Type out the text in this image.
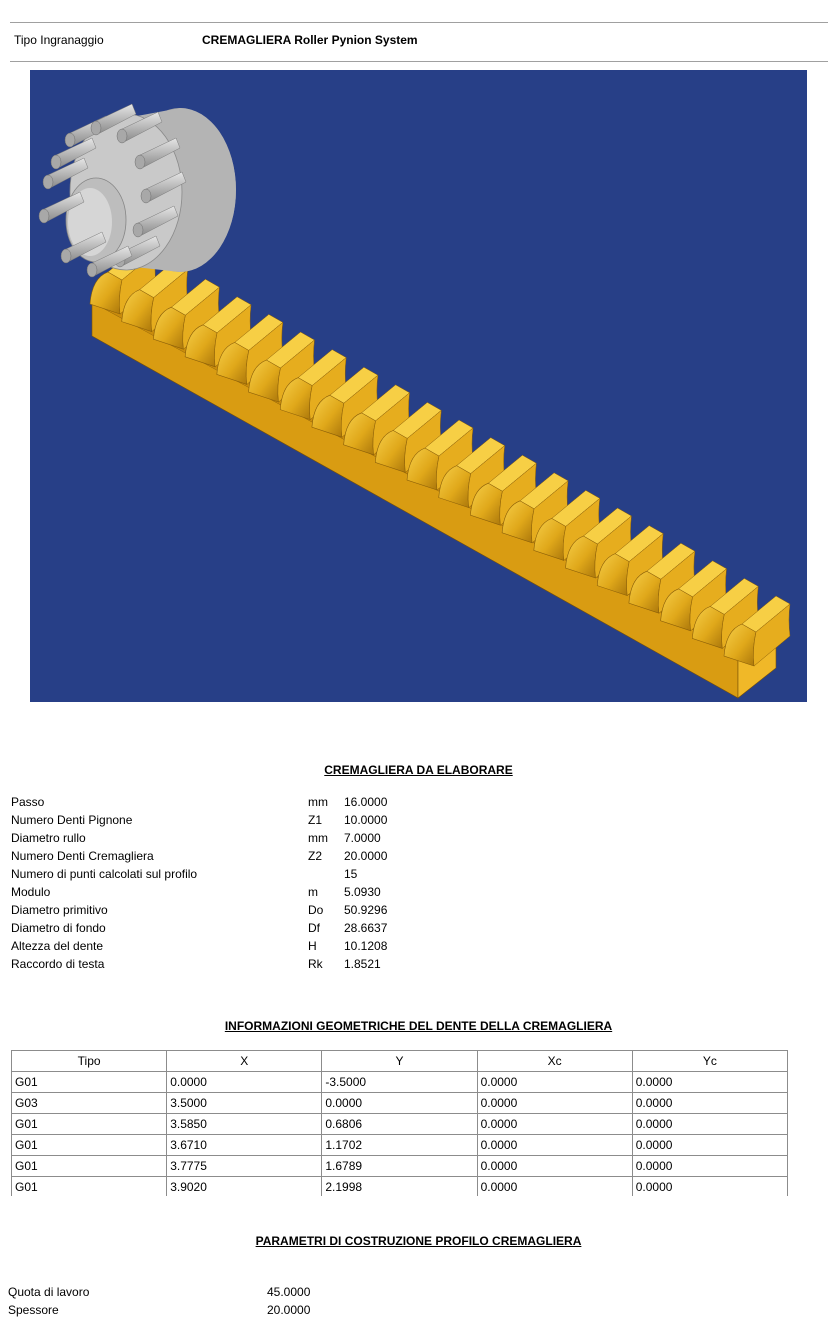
Tipo Ingranaggio	CREMAGLIERA Roller Pynion System
CREMAGLIERA DA ELABORARE
Passo	mm 16.0000
Numero Denti Pignone	Z1 10.0000
Diametro rullo	mm 7.0000
Numero Denti Cremagliera	Z2 20.0000
Numero di punti calcolati sul profilo	15
Modulo	m 5.0930
Diametro primitivo	Do 50.9296
Diametro di fondo	Df 28.6637
Altezza del dente	H 10.1208
Raccordo di testa	Rk 1.8521
INFORMAZIONI GEOMETRICHE DEL DENTE DELLA CREMAGLIERA
Tipo	X	Y	Xc	Yc
G01	0.0000	-3.5000	0.0000	0.0000
G03	3.5000	0.0000	0.0000	0.0000
G01	3.5850	0.6806	0.0000	0.0000
G01	3.6710	1.1702	0.0000	0.0000
G01	3.7775	1.6789	0.0000	0.0000
G01	3.9020	2.1998	0.0000	0.0000
PARAMETRI DI COSTRUZIONE PROFILO CREMAGLIERA
Quota di lavoro	45.0000
Spessore	20.0000
